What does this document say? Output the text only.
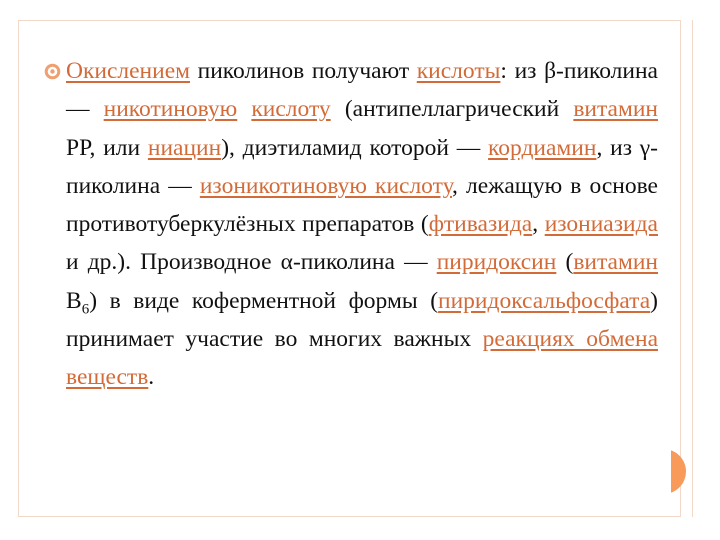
Окислением пиколинов получают кислоты: из β-пиколина — никотиновую кислоту (антипеллагрический витамин PP, или ниацин), диэтиламид которой — кордиамин, из γ-пиколина — изоникотиновую кислоту, лежащую в основе противотуберкулёзных препаратов (фтивазида, изониазида и др.). Производное α-пиколина — пиридоксин (витамин $B_6$) в виде коферментной формы (пиридоксальфосфата) принимает участие во многих важных реакциях обмена веществ.
